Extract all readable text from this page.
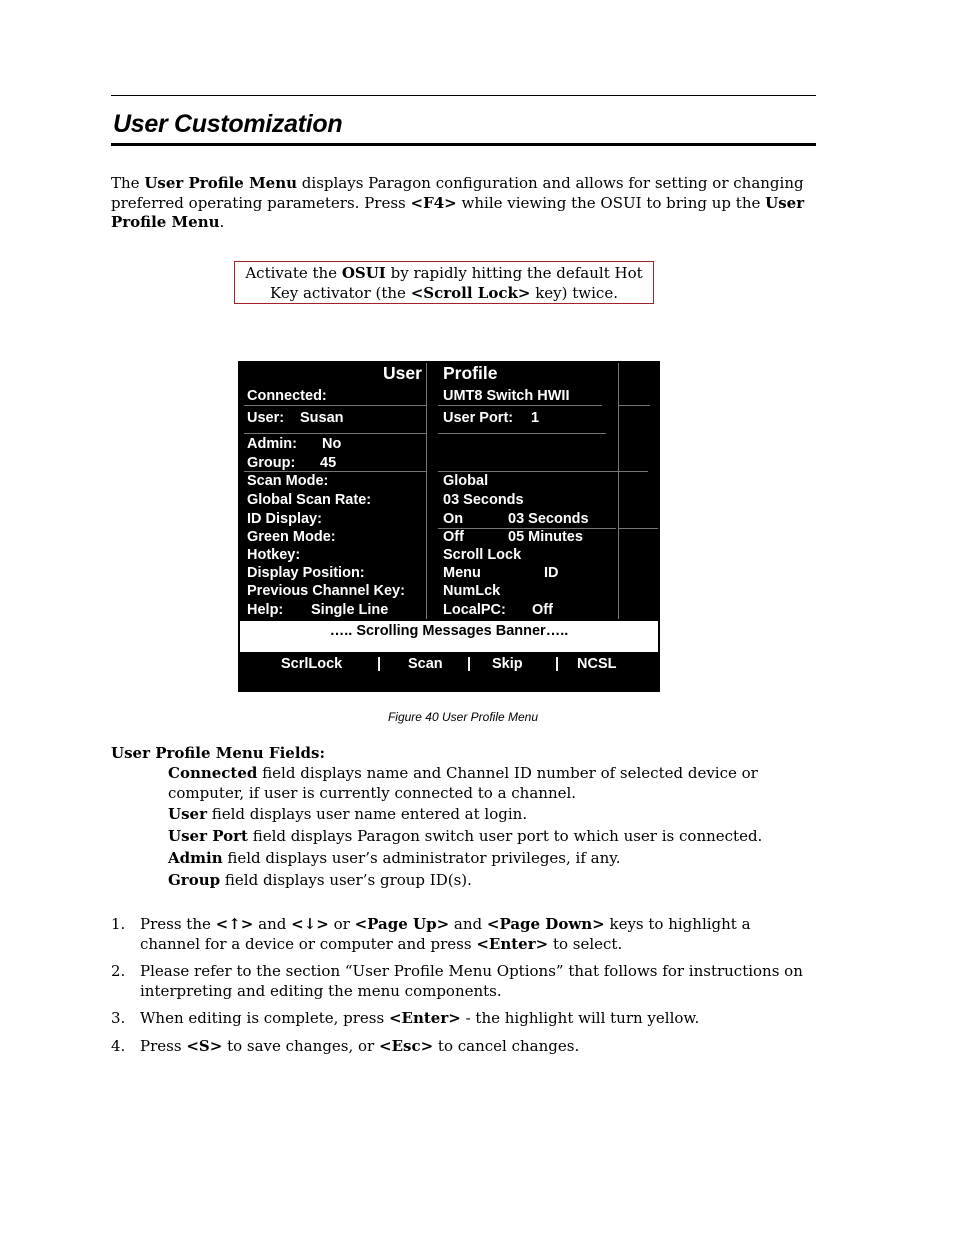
User Customization
The User Profile Menu displays Paragon configuration and allows for setting or changing preferred operating parameters. Press <F4> while viewing the OSUI to bring up the User Profile Menu.
Activate the OSUI by rapidly hitting the default Hot Key activator (the <Scroll Lock> key) twice.
User Profile
Connected:	UMT8 Switch HWII
User: Susan	User Port: 1
Admin: No
Group: 45
Scan Mode:	Global
Global Scan Rate:	03 Seconds
ID Display:	On	03 Seconds
Green Mode:	Off	05 Minutes
Hotkey:	Scroll Lock
Display Position:	Menu	ID
Previous Channel Key:	NumLck
Help: Single Line	LocalPC: Off
….. Scrolling Messages Banner…..
ScrlLock | Scan | Skip | NCSL
Figure 40 User Profile Menu
User Profile Menu Fields:

Connected field displays name and Channel ID number of selected device or computer, if user is currently connected to a channel.

User field displays user name entered at login.

User Port field displays Paragon switch user port to which user is connected.

Admin field displays user’s administrator privileges, if any.

Group field displays user’s group ID(s).

1. Press the <↑> and <↓> or <Page Up> and <Page Down> keys to highlight a channel for a device or computer and press <Enter> to select.
2. Please refer to the section “User Profile Menu Options” that follows for instructions on interpreting and editing the menu components.
3. When editing is complete, press <Enter> - the highlight will turn yellow.
4. Press <S> to save changes, or <Esc> to cancel changes.
